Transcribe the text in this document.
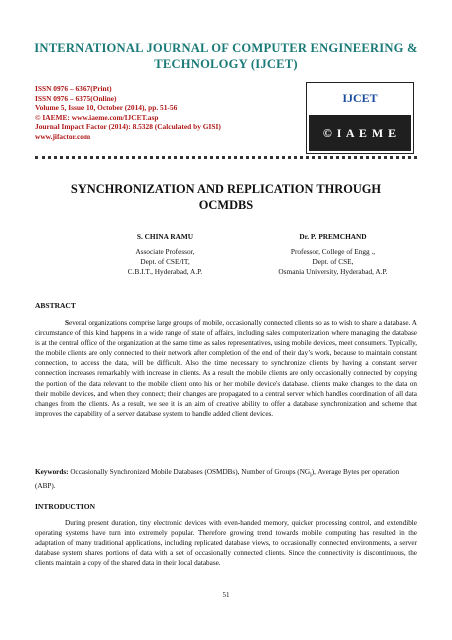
INTERNATIONAL JOURNAL OF COMPUTER ENGINEERING &
TECHNOLOGY (IJCET)
ISSN 0976 – 6367(Print)
ISSN 0976 – 6375(Online)
Volume 5, Issue 10, October (2014), pp. 51-56
© IAEME: www.iaeme.com/IJCET.asp
Journal Impact Factor (2014): 8.5328 (Calculated by GISI)
www.jifactor.com
IJCET
© I A E M E
SYNCHRONIZATION AND REPLICATION THROUGH
OCMDBS
S. CHINA RAMU
Associate Professor,
Dept. of CSE/IT,
C.B.I.T., Hyderabad, A.P.
Dr. P. PREMCHAND
Professor, College of Engg .,
Dept. of CSE,
Osmania University, Hyderabad, A.P.
ABSTRACT

Several organizations comprise large groups of mobile, occasionally connected clients so as to wish to share a database. A circumstance of this kind happens in a wide range of state of affairs, including sales computerization where managing the database is at the central office of the organization at the same time as sales representatives, using mobile devices, meet consumers. Typically, the mobile clients are only connected to their network after completion of the end of their day’s work, because to maintain constant connection, to access the data, will be difficult. Also the time necessary to synchronize clients by having a constant server connection increases remarkably with increase in clients. As a result the mobile clients are only occasionally connected by copying the portion of the data relevant to the mobile client onto his or her mobile device's database. clients make changes to the data on their mobile devices, and when they connect; their changes are propagated to a central server which handles coordination of all data changes from the clients. As a result, we see it is an aim of creative ability to offer a database synchronization and scheme that improves the capability of a server database system to handle added client devices.

Keywords: Occasionally Synchronized Mobile Databases (OSMDBs), Number of Groups $(NG_i)$, Average Bytes per operation (ABP).
INTRODUCTION

During present duration, tiny electronic devices with even-handed memory, quicker processing control, and extendible operating systems have turn into extremely popular. Therefore growing trend towards mobile computing has resulted in the adaptation of many traditional applications, including replicated database views, to occasionally connected environments, a server database system shares portions of data with a set of occasionally connected clients. Since the connectivity is discontinuous, the clients maintain a copy of the shared data in their local database.

51
